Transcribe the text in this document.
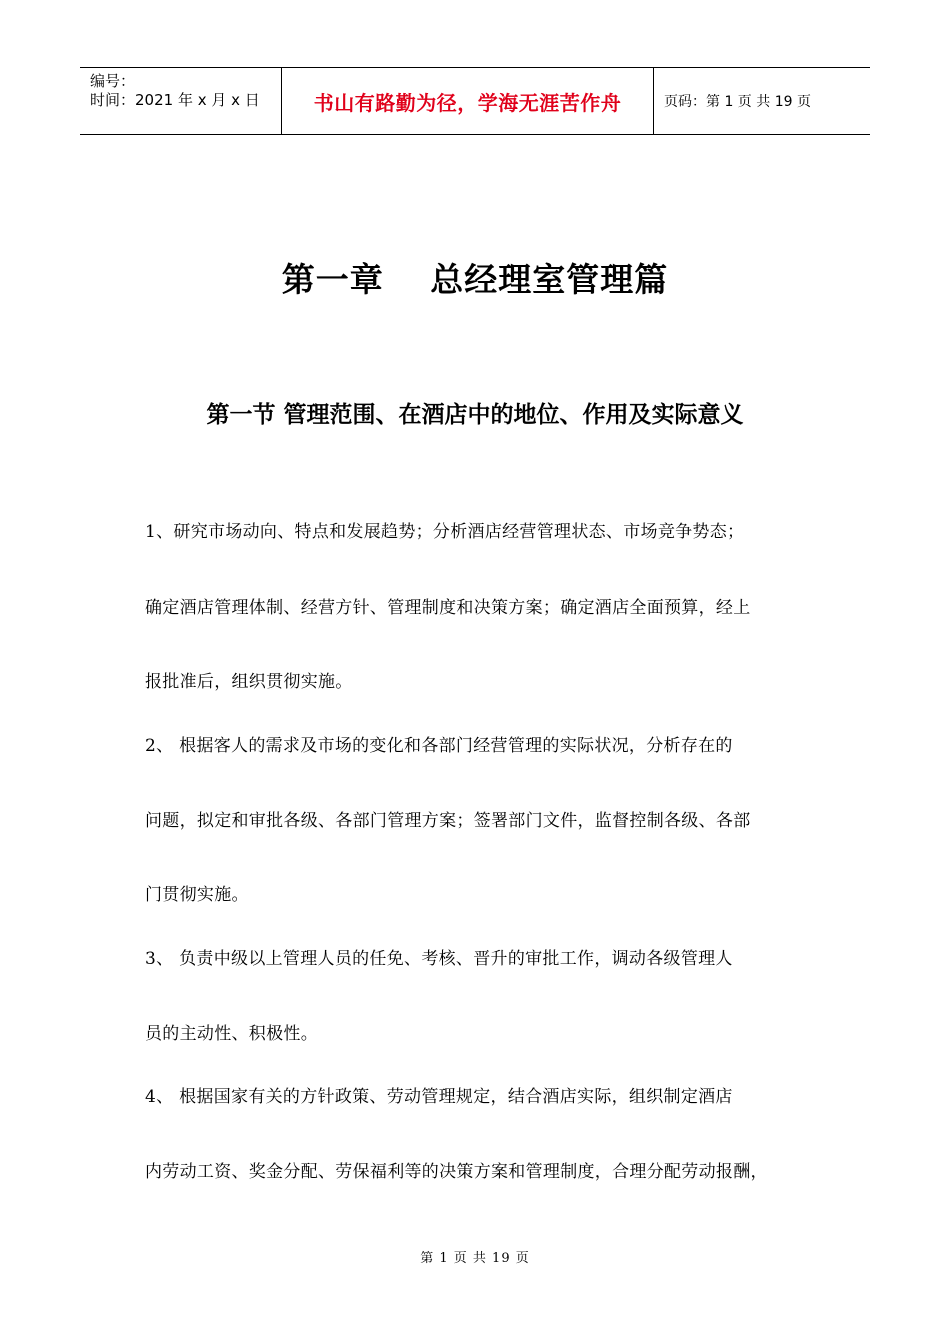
编号：
时间：2021 年 x 月 x 日	书山有路勤为径，学海无涯苦作舟	页码：第 1 页 共 19 页
第一章　 总经理室管理篇
第一节 管理范围、在酒店中的地位、作用及实际意义
1、研究市场动向、特点和发展趋势；分析酒店经营管理状态、市场竞争势态；
确定酒店管理体制、经营方针、管理制度和决策方案；确定酒店全面预算，经上
报批准后，组织贯彻实施。
2、 根据客人的需求及市场的变化和各部门经营管理的实际状况，分析存在的
问题，拟定和审批各级、各部门管理方案；签署部门文件，监督控制各级、各部
门贯彻实施。
3、 负责中级以上管理人员的任免、考核、晋升的审批工作，调动各级管理人
员的主动性、积极性。
4、 根据国家有关的方针政策、劳动管理规定，结合酒店实际，组织制定酒店
内劳动工资、奖金分配、劳保福利等的决策方案和管理制度，合理分配劳动报酬，
第 1 页 共 19 页
